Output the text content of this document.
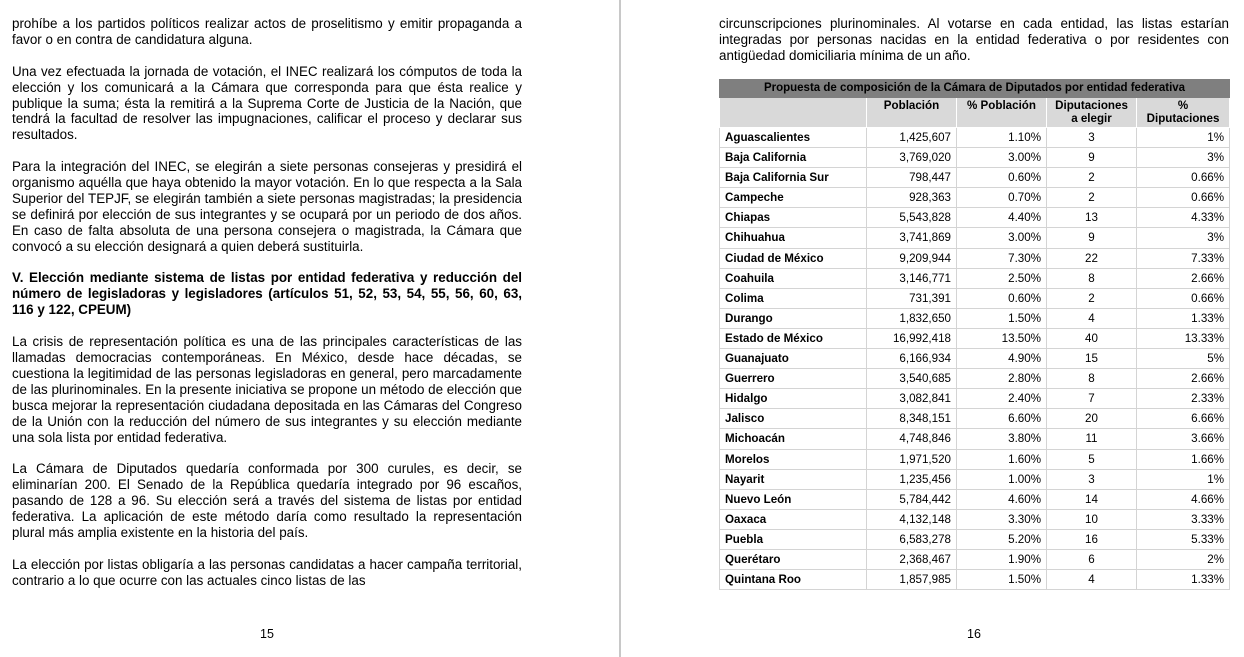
prohíbe a los partidos políticos realizar actos de proselitismo y emitir propaganda a favor o en contra de candidatura alguna.

Una vez efectuada la jornada de votación, el INEC realizará los cómputos de toda la elección y los comunicará a la Cámara que corresponda para que ésta realice y publique la suma; ésta la remitirá a la Suprema Corte de Justicia de la Nación, que tendrá la facultad de resolver las impugnaciones, calificar el proceso y declarar sus resultados.

Para la integración del INEC, se elegirán a siete personas consejeras y presidirá el organismo aquélla que haya obtenido la mayor votación. En lo que respecta a la Sala Superior del TEPJF, se elegirán también a siete personas magistradas; la presidencia se definirá por elección de sus integrantes y se ocupará por un periodo de dos años. En caso de falta absoluta de una persona consejera o magistrada, la Cámara que convocó a su elección designará a quien deberá sustituirla.

V. Elección mediante sistema de listas por entidad federativa y reducción del número de legisladoras y legisladores (artículos 51, 52, 53, 54, 55, 56, 60, 63, 116 y 122, CPEUM)

La crisis de representación política es una de las principales características de las llamadas democracias contemporáneas. En México, desde hace décadas, se cuestiona la legitimidad de las personas legisladoras en general, pero marcadamente de las plurinominales. En la presente iniciativa se propone un método de elección que busca mejorar la representación ciudadana depositada en las Cámaras del Congreso de la Unión con la reducción del número de sus integrantes y su elección mediante una sola lista por entidad federativa.

La Cámara de Diputados quedaría conformada por 300 curules, es decir, se eliminarían 200. El Senado de la República quedaría integrado por 96 escaños, pasando de 128 a 96. Su elección será a través del sistema de listas por entidad federativa. La aplicación de este método daría como resultado la representación plural más amplia existente en la historia del país.

La elección por listas obligaría a las personas candidatas a hacer campaña territorial, contrario a lo que ocurre con las actuales cinco listas de las

15

circunscripciones plurinominales. Al votarse en cada entidad, las listas estarían integradas por personas nacidas en la entidad federativa o por residentes con antigüedad domiciliaria mínima de un año.

Propuesta de composición de la Cámara de Diputados por entidad federativa				
	Población	% Población	Diputaciones a elegir	% Diputaciones
Aguascalientes	1,425,607	1.10%	3	1%
Baja California	3,769,020	3.00%	9	3%
Baja California Sur	798,447	0.60%	2	0.66%
Campeche	928,363	0.70%	2	0.66%
Chiapas	5,543,828	4.40%	13	4.33%
Chihuahua	3,741,869	3.00%	9	3%
Ciudad de México	9,209,944	7.30%	22	7.33%
Coahuila	3,146,771	2.50%	8	2.66%
Colima	731,391	0.60%	2	0.66%
Durango	1,832,650	1.50%	4	1.33%
Estado de México	16,992,418	13.50%	40	13.33%
Guanajuato	6,166,934	4.90%	15	5%
Guerrero	3,540,685	2.80%	8	2.66%
Hidalgo	3,082,841	2.40%	7	2.33%
Jalisco	8,348,151	6.60%	20	6.66%
Michoacán	4,748,846	3.80%	11	3.66%
Morelos	1,971,520	1.60%	5	1.66%
Nayarit	1,235,456	1.00%	3	1%
Nuevo León	5,784,442	4.60%	14	4.66%
Oaxaca	4,132,148	3.30%	10	3.33%
Puebla	6,583,278	5.20%	16	5.33%
Querétaro	2,368,467	1.90%	6	2%
Quintana Roo	1,857,985	1.50%	4	1.33%
16
